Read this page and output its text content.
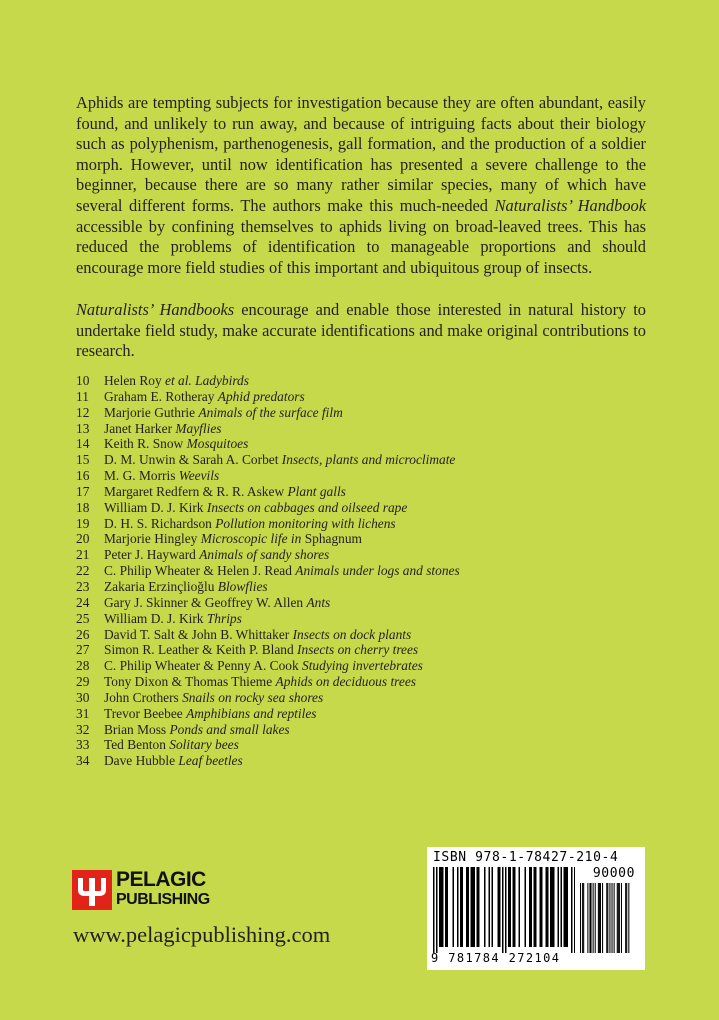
Aphids are tempting subjects for investigation because they are often abundant, easily found, and unlikely to run away, and because of intriguing facts about their biology such as polyphenism, parthenogenesis, gall formation, and the production of a soldier morph. However, until now identification has presented a severe challenge to the beginner, because there are so many rather similar species, many of which have several different forms. The authors make this much-needed Naturalists’ Handbook accessible by confining themselves to aphids living on broad-leaved trees. This has reduced the problems of identification to manageable proportions and should encourage more field studies of this important and ubiquitous group of insects.

Naturalists’ Handbooks encourage and enable those interested in natural history to undertake field study, make accurate identifications and make original contributions to research.

10 Helen Roy et al. Ladybirds
11 Graham E. Rotheray Aphid predators
12 Marjorie Guthrie Animals of the surface film
13 Janet Harker Mayflies
14 Keith R. Snow Mosquitoes
15 D. M. Unwin & Sarah A. Corbet Insects, plants and microclimate
16 M. G. Morris Weevils
17 Margaret Redfern & R. R. Askew Plant galls
18 William D. J. Kirk Insects on cabbages and oilseed rape
19 D. H. S. Richardson Pollution monitoring with lichens
20 Marjorie Hingley Microscopic life in Sphagnum
21 Peter J. Hayward Animals of sandy shores
22 C. Philip Wheater & Helen J. Read Animals under logs and stones
23 Zakaria Erzinçlioğlu Blowflies
24 Gary J. Skinner & Geoffrey W. Allen Ants
25 William D. J. Kirk Thrips
26 David T. Salt & John B. Whittaker Insects on dock plants
27 Simon R. Leather & Keith P. Bland Insects on cherry trees
28 C. Philip Wheater & Penny A. Cook Studying invertebrates
29 Tony Dixon & Thomas Thieme Aphids on deciduous trees
30 John Crothers Snails on rocky sea shores
31 Trevor Beebee Amphibians and reptiles
32 Brian Moss Ponds and small lakes
33 Ted Benton Solitary bees
34 Dave Hubble Leaf beetles
PELAGIC
PUBLISHING

www.pelagicpublishing.com

ISBN 978-1-78427-210-4
90000
9 781784 272104
